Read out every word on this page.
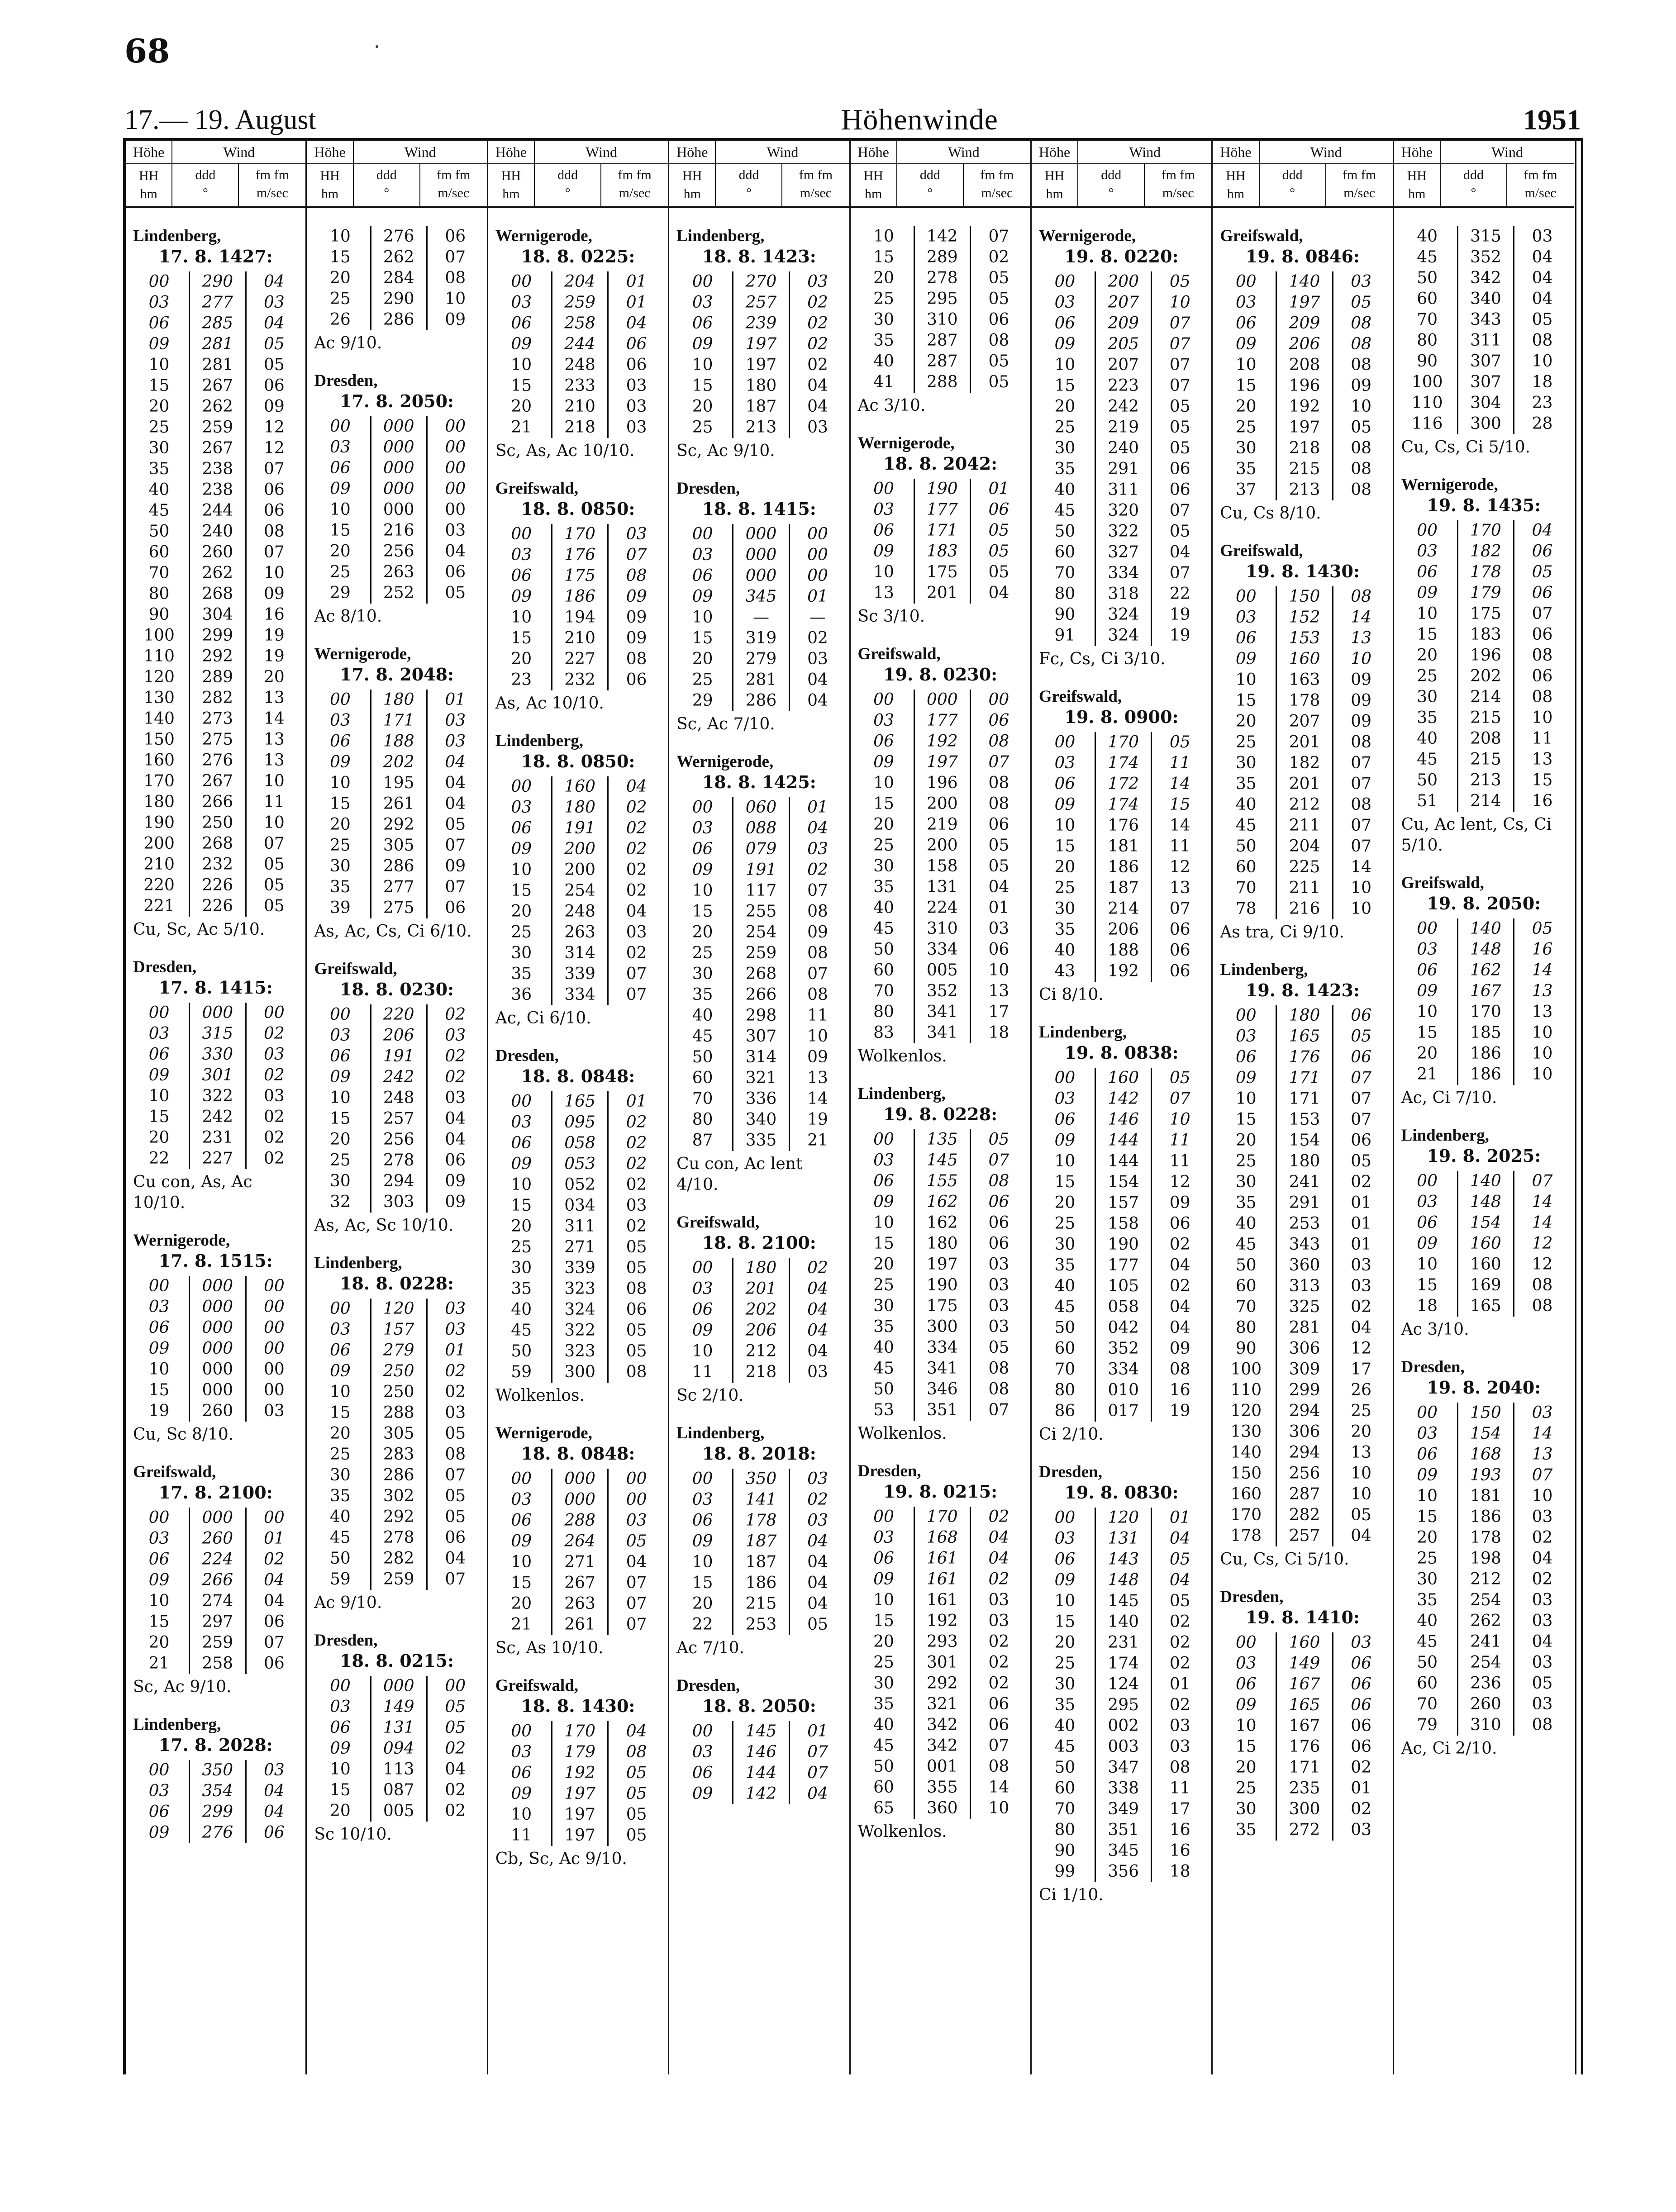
68
17.— 19. August	Höhenwinde	1951
Höhe
HH
hm
Wind
ddd
°
fm fm
m/sec
Lindenberg,
17. 8. 1427:
00	290	04
03	277	03
06	285	04
09	281	05
10	281	05
15	267	06
20	262	09
25	259	12
30	267	12
35	238	07
40	238	06
45	244	06
50	240	08
60	260	07
70	262	10
80	268	09
90	304	16
100	299	19
110	292	19
120	289	20
130	282	13
140	273	14
150	275	13
160	276	13
170	267	10
180	266	11
190	250	10
200	268	07
210	232	05
220	226	05
221	226	05
Cu, Sc, Ac 5/10.
Dresden,
17. 8. 1415:
00	000	00
03	315	02
06	330	03
09	301	02
10	322	03
15	242	02
20	231	02
22	227	02
Cu con, As, Ac 10/10.
Wernigerode,
17. 8. 1515:
00	000	00
03	000	00
06	000	00
09	000	00
10	000	00
15	000	00
19	260	03
Cu, Sc 8/10.
Greifswald,
17. 8. 2100:
00	000	00
03	260	01
06	224	02
09	266	04
10	274	04
15	297	06
20	259	07
21	258	06
Sc, Ac 9/10.
Lindenberg,
17. 8. 2028:
00	350	03
03	354	04
06	299	04
09	276	06
Höhe
HH
hm
Wind
ddd
°
fm fm
m/sec
10	276	06
15	262	07
20	284	08
25	290	10
26	286	09
Ac 9/10.
Dresden,
17. 8. 2050:
00	000	00
03	000	00
06	000	00
09	000	00
10	000	00
15	216	03
20	256	04
25	263	06
29	252	05
Ac 8/10.
Wernigerode,
17. 8. 2048:
00	180	01
03	171	03
06	188	03
09	202	04
10	195	04
15	261	04
20	292	05
25	305	07
30	286	09
35	277	07
39	275	06
As, Ac, Cs, Ci 6/10.
Greifswald,
18. 8. 0230:
00	220	02
03	206	03
06	191	02
09	242	02
10	248	03
15	257	04
20	256	04
25	278	06
30	294	09
32	303	09
As, Ac, Sc 10/10.
Lindenberg,
18. 8. 0228:
00	120	03
03	157	03
06	279	01
09	250	02
10	250	02
15	288	03
20	305	05
25	283	08
30	286	07
35	302	05
40	292	05
45	278	06
50	282	04
59	259	07
Ac 9/10.
Dresden,
18. 8. 0215:
00	000	00
03	149	05
06	131	05
09	094	02
10	113	04
15	087	02
20	005	02
Sc 10/10.
Höhe
HH
hm
Wind
ddd
°
fm fm
m/sec
Wernigerode,
18. 8. 0225:
00	204	01
03	259	01
06	258	04
09	244	06
10	248	06
15	233	03
20	210	03
21	218	03
Sc, As, Ac 10/10.
Greifswald,
18. 8. 0850:
00	170	03
03	176	07
06	175	08
09	186	09
10	194	09
15	210	09
20	227	08
23	232	06
As, Ac 10/10.
Lindenberg,
18. 8. 0850:
00	160	04
03	180	02
06	191	02
09	200	02
10	200	02
15	254	02
20	248	04
25	263	03
30	314	02
35	339	07
36	334	07
Ac, Ci 6/10.
Dresden,
18. 8. 0848:
00	165	01
03	095	02
06	058	02
09	053	02
10	052	02
15	034	03
20	311	02
25	271	05
30	339	05
35	323	08
40	324	06
45	322	05
50	323	05
59	300	08
Wolkenlos.
Wernigerode,
18. 8. 0848:
00	000	00
03	000	00
06	288	03
09	264	05
10	271	04
15	267	07
20	263	07
21	261	07
Sc, As 10/10.
Greifswald,
18. 8. 1430:
00	170	04
03	179	08
06	192	05
09	197	05
10	197	05
11	197	05
Cb, Sc, Ac 9/10.
Höhe
HH
hm
Wind
ddd
°
fm fm
m/sec
Lindenberg,
18. 8. 1423:
00	270	03
03	257	02
06	239	02
09	197	02
10	197	02
15	180	04
20	187	04
25	213	03
Sc, Ac 9/10.
Dresden,
18. 8. 1415:
00	000	00
03	000	00
06	000	00
09	345	01
10	—	—
15	319	02
20	279	03
25	281	04
29	286	04
Sc, Ac 7/10.
Wernigerode,
18. 8. 1425:
00	060	01
03	088	04
06	079	03
09	191	02
10	117	07
15	255	08
20	254	09
25	259	08
30	268	07
35	266	08
40	298	11
45	307	10
50	314	09
60	321	13
70	336	14
80	340	19
87	335	21
Cu con, Ac lent 4/10.
Greifswald,
18. 8. 2100:
00	180	02
03	201	04
06	202	04
09	206	04
10	212	04
11	218	03
Sc 2/10.
Lindenberg,
18. 8. 2018:
00	350	03
03	141	02
06	178	03
09	187	04
10	187	04
15	186	04
20	215	04
22	253	05
Ac 7/10.
Dresden,
18. 8. 2050:
00	145	01
03	146	07
06	144	07
09	142	04
Höhe
HH
hm
Wind
ddd
°
fm fm
m/sec
10	142	07
15	289	02
20	278	05
25	295	05
30	310	06
35	287	08
40	287	05
41	288	05
Ac 3/10.
Wernigerode,
18. 8. 2042:
00	190	01
03	177	06
06	171	05
09	183	05
10	175	05
13	201	04
Sc 3/10.
Greifswald,
19. 8. 0230:
00	000	00
03	177	06
06	192	08
09	197	07
10	196	08
15	200	08
20	219	06
25	200	05
30	158	05
35	131	04
40	224	01
45	310	03
50	334	06
60	005	10
70	352	13
80	341	17
83	341	18
Wolkenlos.
Lindenberg,
19. 8. 0228:
00	135	05
03	145	07
06	155	08
09	162	06
10	162	06
15	180	06
20	197	03
25	190	03
30	175	03
35	300	03
40	334	05
45	341	08
50	346	08
53	351	07
Wolkenlos.
Dresden,
19. 8. 0215:
00	170	02
03	168	04
06	161	04
09	161	02
10	161	03
15	192	03
20	293	02
25	301	02
30	292	02
35	321	06
40	342	06
45	342	07
50	001	08
60	355	14
65	360	10
Wolkenlos.
Höhe
HH
hm
Wind
ddd
°
fm fm
m/sec
Wernigerode,
19. 8. 0220:
00	200	05
03	207	10
06	209	07
09	205	07
10	207	07
15	223	07
20	242	05
25	219	05
30	240	05
35	291	06
40	311	06
45	320	07
50	322	05
60	327	04
70	334	07
80	318	22
90	324	19
91	324	19
Fc, Cs, Ci 3/10.
Greifswald,
19. 8. 0900:
00	170	05
03	174	11
06	172	14
09	174	15
10	176	14
15	181	11
20	186	12
25	187	13
30	214	07
35	206	06
40	188	06
43	192	06
Ci 8/10.
Lindenberg,
19. 8. 0838:
00	160	05
03	142	07
06	146	10
09	144	11
10	144	11
15	154	12
20	157	09
25	158	06
30	190	02
35	177	04
40	105	02
45	058	04
50	042	04
60	352	09
70	334	08
80	010	16
86	017	19
Ci 2/10.
Dresden,
19. 8. 0830:
00	120	01
03	131	04
06	143	05
09	148	04
10	145	05
15	140	02
20	231	02
25	174	02
30	124	01
35	295	02
40	002	03
45	003	03
50	347	08
60	338	11
70	349	17
80	351	16
90	345	16
99	356	18
Ci 1/10.
Höhe
HH
hm
Wind
ddd
°
fm fm
m/sec
Greifswald,
19. 8. 0846:
00	140	03
03	197	05
06	209	08
09	206	08
10	208	08
15	196	09
20	192	10
25	197	05
30	218	08
35	215	08
37	213	08
Cu, Cs 8/10.
Greifswald,
19. 8. 1430:
00	150	08
03	152	14
06	153	13
09	160	10
10	163	09
15	178	09
20	207	09
25	201	08
30	182	07
35	201	07
40	212	08
45	211	07
50	204	07
60	225	14
70	211	10
78	216	10
As tra, Ci 9/10.
Lindenberg,
19. 8. 1423:
00	180	06
03	165	05
06	176	06
09	171	07
10	171	07
15	153	07
20	154	06
25	180	05
30	241	02
35	291	01
40	253	01
45	343	01
50	360	03
60	313	03
70	325	02
80	281	04
90	306	12
100	309	17
110	299	26
120	294	25
130	306	20
140	294	13
150	256	10
160	287	10
170	282	05
178	257	04
Cu, Cs, Ci 5/10.
Dresden,
19. 8. 1410:
00	160	03
03	149	06
06	167	06
09	165	06
10	167	06
15	176	06
20	171	02
25	235	01
30	300	02
35	272	03
Höhe
HH
hm
Wind
ddd
°
fm fm
m/sec
40	315	03
45	352	04
50	342	04
60	340	04
70	343	05
80	311	08
90	307	10
100	307	18
110	304	23
116	300	28
Cu, Cs, Ci 5/10.
Wernigerode,
19. 8. 1435:
00	170	04
03	182	06
06	178	05
09	179	06
10	175	07
15	183	06
20	196	08
25	202	06
30	214	08
35	215	10
40	208	11
45	215	13
50	213	15
51	214	16
Cu, Ac lent, Cs, Ci 5/10.
Greifswald,
19. 8. 2050:
00	140	05
03	148	16
06	162	14
09	167	13
10	170	13
15	185	10
20	186	10
21	186	10
Ac, Ci 7/10.
Lindenberg,
19. 8. 2025:
00	140	07
03	148	14
06	154	14
09	160	12
10	160	12
15	169	08
18	165	08
Ac 3/10.
Dresden,
19. 8. 2040:
00	150	03
03	154	14
06	168	13
09	193	07
10	181	10
15	186	03
20	178	02
25	198	04
30	212	02
35	254	03
40	262	03
45	241	04
50	254	03
60	236	05
70	260	03
79	310	08
Ac, Ci 2/10.
